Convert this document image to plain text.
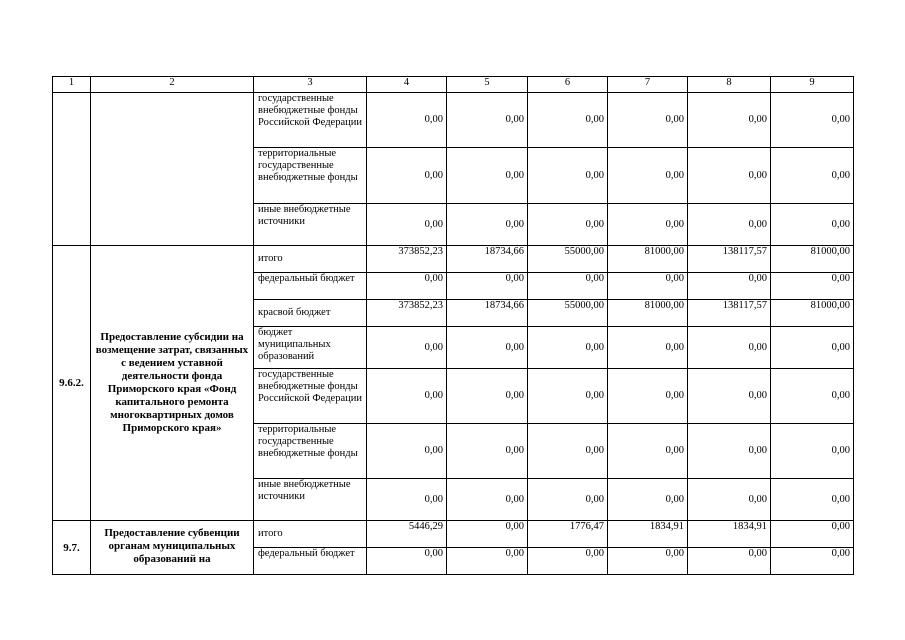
1	2	3	4	5	6	7	8	9
		государственные внебюджетные фонды Российской Федерации	0,00	0,00	0,00	0,00	0,00	0,00
		территориальные государственные внебюджетные фонды	0,00	0,00	0,00	0,00	0,00	0,00
		иные внебюджетные источники	0,00	0,00	0,00	0,00	0,00	0,00
9.6.2.	Предоставление субсидии на возмещение затрат, связанных с ведением уставной деятельности фонда Приморского края «Фонд капитального ремонта многоквартирных домов Приморского края»	итого	373852,23	18734,66	55000,00	81000,00	138117,57	81000,00
		федеральный бюджет	0,00	0,00	0,00	0,00	0,00	0,00
		красвой бюджет	373852,23	18734,66	55000,00	81000,00	138117,57	81000,00
		бюджет муниципальных образований	0,00	0,00	0,00	0,00	0,00	0,00
		государственные внебюджетные фонды Российской Федерации	0,00	0,00	0,00	0,00	0,00	0,00
		территориальные государственные внебюджетные фонды	0,00	0,00	0,00	0,00	0,00	0,00
		иные внебюджетные источники	0,00	0,00	0,00	0,00	0,00	0,00
9.7.	Предоставление субвенции органам муниципальных образований на	итого	5446,29	0,00	1776,47	1834,91	1834,91	0,00
		федеральный бюджет	0,00	0,00	0,00	0,00	0,00	0,00
